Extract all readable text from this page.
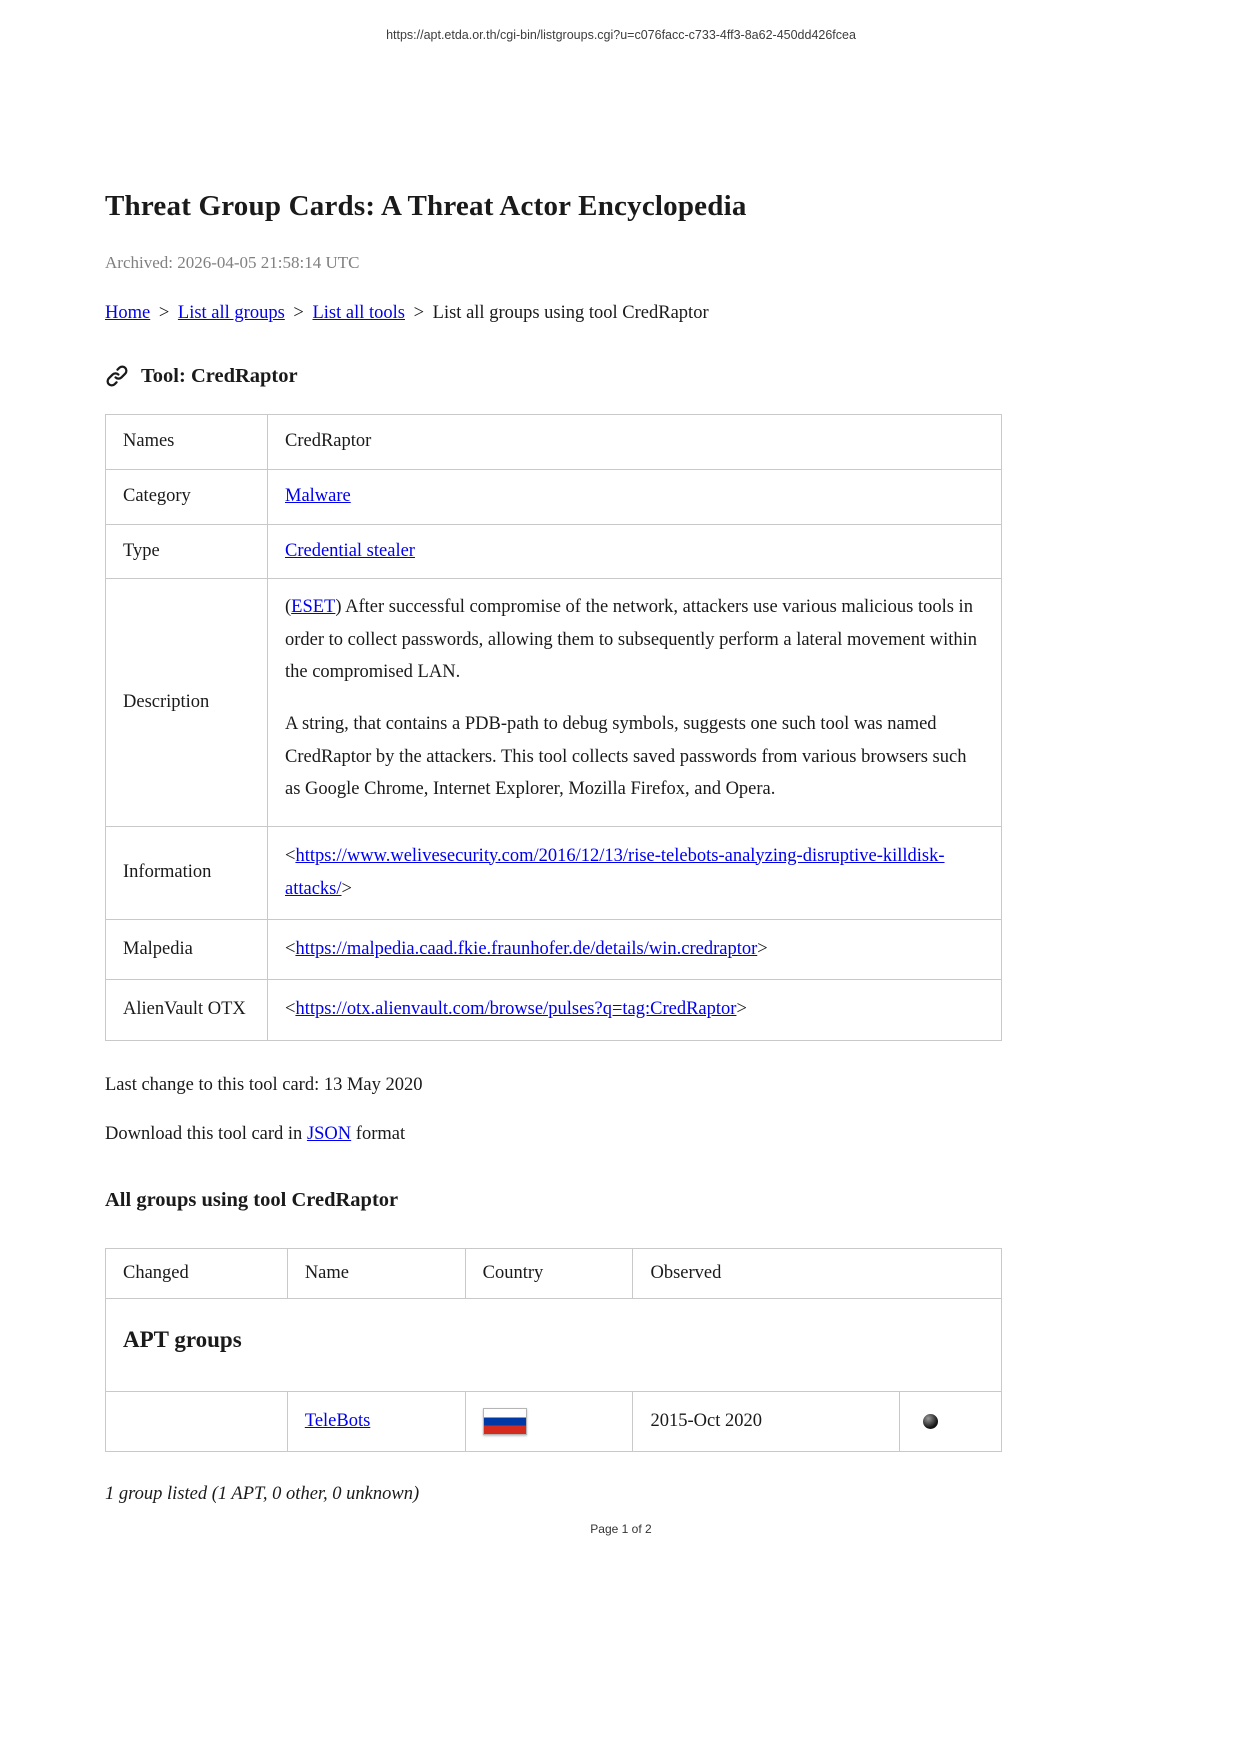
https://apt.etda.or.th/cgi-bin/listgroups.cgi?u=c076facc-c733-4ff3-8a62-450dd426fcea
Threat Group Cards: A Threat Actor Encyclopedia

Archived: 2026-04-05 21:58:14 UTC

Home > List all groups > List all tools > List all groups using tool CredRaptor

Tool: CredRaptor
Names	CredRaptor
Category	Malware
Type	Credential stealer
Description	(ESET) After successful compromise of the network, attackers use various malicious tools in order to collect passwords, allowing them to subsequently perform a lateral movement within the compromised LAN.

A string, that contains a PDB-path to debug symbols, suggests one such tool was named CredRaptor by the attackers. This tool collects saved passwords from various browsers such as Google Chrome, Internet Explorer, Mozilla Firefox, and Opera.

Information	<https://www.welivesecurity.com/2016/12/13/rise-telebots-analyzing-disruptive-killdisk-attacks/>
Malpedia	<https://malpedia.caad.fkie.fraunhofer.de/details/win.credraptor>
AlienVault OTX	<https://otx.alienvault.com/browse/pulses?q=tag:CredRaptor>

Last change to this tool card: 13 May 2020

Download this tool card in JSON format

All groups using tool CredRaptor
Changed	Name	Country	Observed	
APT groups				
	TeleBots		2015-Oct 2020	

1 group listed (1 APT, 0 other, 0 unknown)

Page 1 of 2
